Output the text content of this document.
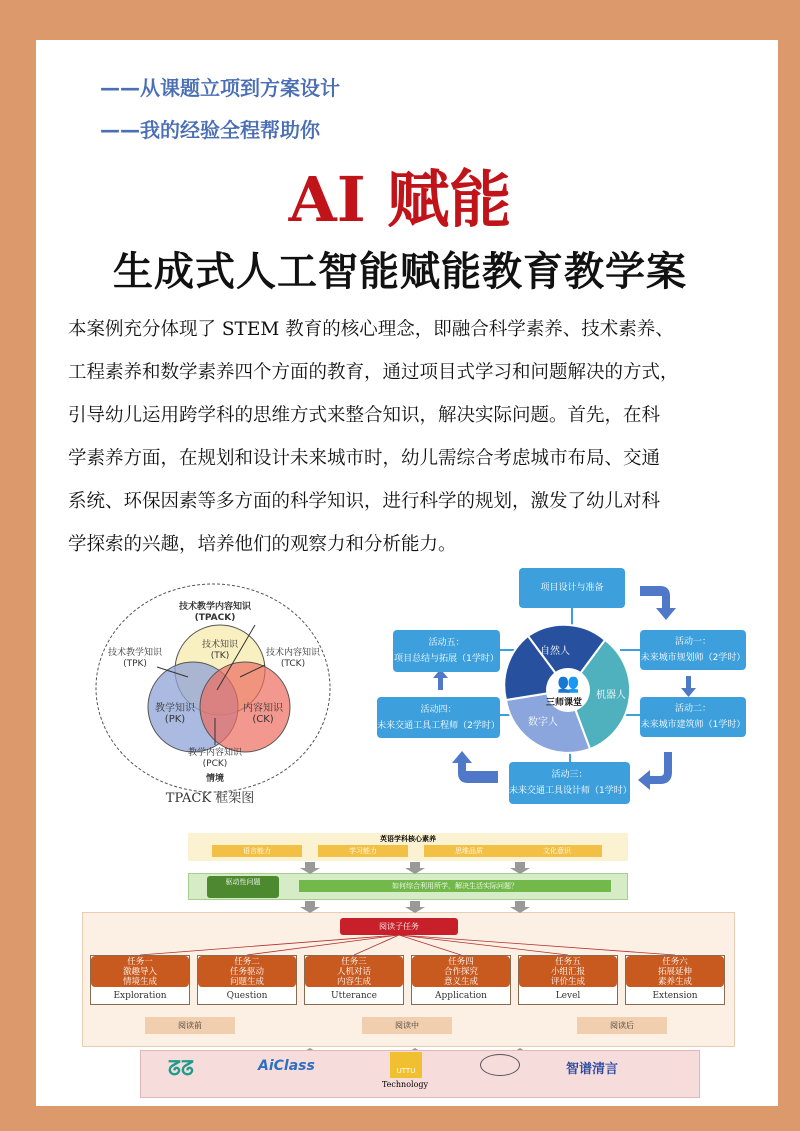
——从课题立项到方案设计
——我的经验全程帮助你
AI 赋能
生成式人工智能赋能教育教学案
本案例充分体现了 STEM 教育的核心理念，即融合科学素养、技术素养、
工程素养和数学素养四个方面的教育，通过项目式学习和问题解决的方式，
引导幼儿运用跨学科的思维方式来整合知识，解决实际问题。首先，在科
学素养方面，在规划和设计未来城市时，幼儿需综合考虑城市布局、交通
系统、环保因素等多方面的科学知识，进行科学的规划，激发了幼儿对科
学探索的兴趣，培养他们的观察力和分析能力。
技术教学内容知识
(TPACK)
技术知识
(TK)
技术教学知识
(TPK)
技术内容知识
(TCK)
教学知识
(PK)
内容知识
(CK)
教学内容知识
(PCK)
情境
TPACK 框架图
👥
三师课堂
自然人
机器人
数字人
项目设计与准备
活动一：
未来城市规划师（2学时）
活动二：
未来城市建筑师（1学时）
活动三：
未来交通工具设计师（1学时）
活动四：
未来交通工具工程师（2学时）
活动五：
项目总结与拓展（1学时）
英语学科核心素养
语言能力	学习能力	思维品质	文化意识
驱动性问题	如何综合利用所学，解决生活实际问题？
阅读子任务
任务一
激趣导入
情境生成
Exploration
任务二
任务驱动
问题生成
Question
任务三
人机对话
内容生成
Utterance
任务四
合作探究
意义生成
Application
任务五
小组汇报
评价生成
Level
任务六
拓展延伸
素养生成
Extension
阅读前	阅读中	阅读后
ᘔᘔ	AiClass	UTTU	智谱清言
Technology
